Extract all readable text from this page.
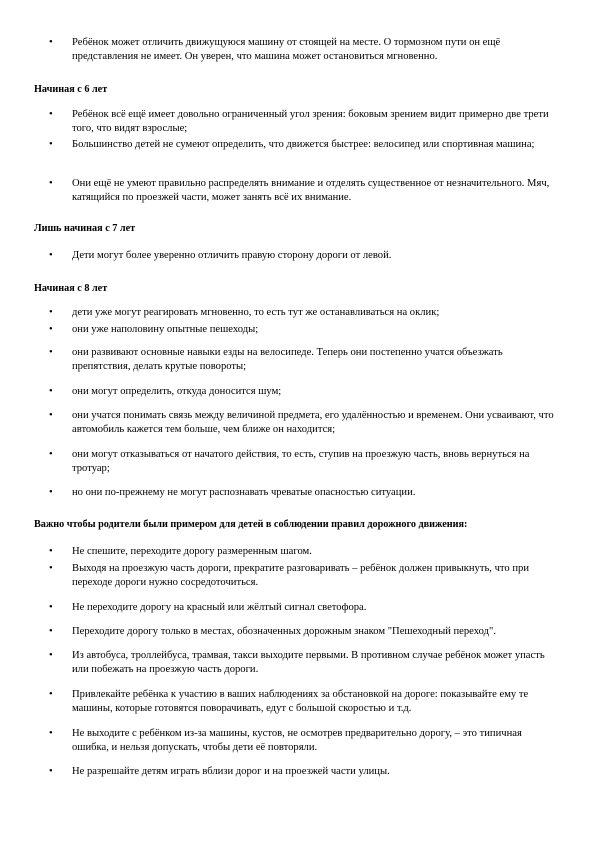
• Ребёнок может отличить движущуюся машину от стоящей на месте. О тормозном пути он ещё представления не имеет. Он уверен, что машина может остановиться мгновенно.
Начиная с 6 лет
• Ребёнок всё ещё имеет довольно ограниченный угол зрения: боковым зрением видит примерно две трети того, что видят взрослые;
• Большинство детей не сумеют определить, что движется быстрее: велосипед или спортивная машина;
• Они ещё не умеют правильно распределять внимание и отделять существенное от незначительного. Мяч, катящийся по проезжей части, может занять всё их внимание.
Лишь начиная с 7 лет
• Дети могут более уверенно отличить правую сторону дороги от левой.
Начиная с 8 лет
• дети уже могут реагировать мгновенно, то есть тут же останавливаться на оклик;
• они уже наполовину опытные пешеходы;
• они развивают основные навыки езды на велосипеде. Теперь они постепенно учатся объезжать препятствия, делать крутые повороты;
• они могут определить, откуда доносится шум;
• они учатся понимать связь между величиной предмета, его удалённостью и временем. Они усваивают, что автомобиль кажется тем больше, чем ближе он находится;
• они могут отказываться от начатого действия, то есть, ступив на проезжую часть, вновь вернуться на тротуар;
• но они по-прежнему не могут распознавать чреватые опасностью ситуации.
Важно чтобы родители были примером для детей в соблюдении правил дорожного движения:
• Не спешите, переходите дорогу размеренным шагом.
• Выходя на проезжую часть дороги, прекратите разговаривать – ребёнок должен привыкнуть, что при переходе дороги нужно сосредоточиться.
• Не переходите дорогу на красный или жёлтый сигнал светофора.
• Переходите дорогу только в местах, обозначенных дорожным знаком "Пешеходный переход".
• Из автобуса, троллейбуса, трамвая, такси выходите первыми. В противном случае ребёнок может упасть или побежать на проезжую часть дороги.
• Привлекайте ребёнка к участию в ваших наблюдениях за обстановкой на дороге: показывайте ему те машины, которые готовятся поворачивать, едут с большой скоростью и т.д.
• Не выходите с ребёнком из-за машины, кустов, не осмотрев предварительно дорогу, – это типичная ошибка, и нельзя допускать, чтобы дети её повторяли.
• Не разрешайте детям играть вблизи дорог и на проезжей части улицы.
